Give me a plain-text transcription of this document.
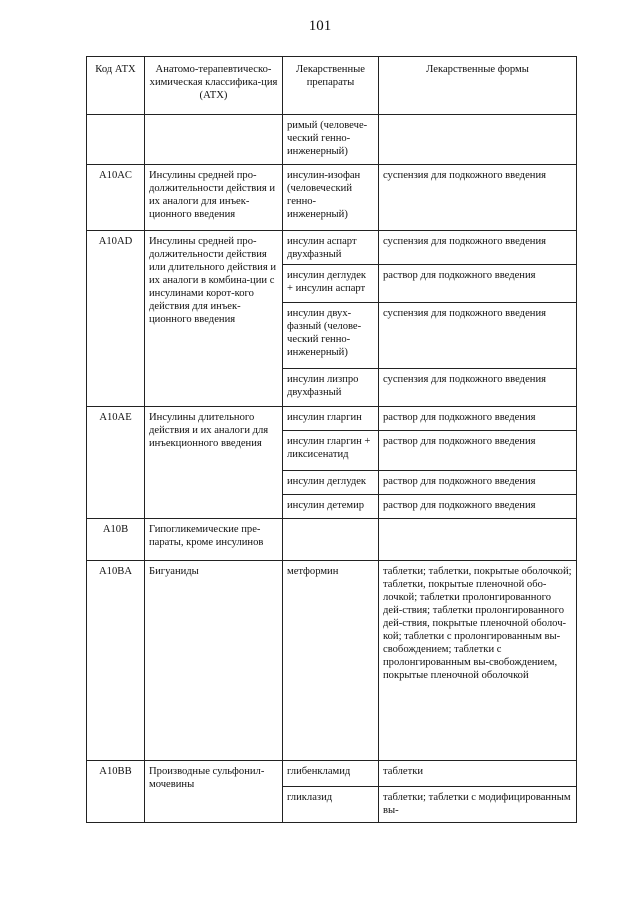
101
Код АТХ	Анатомо-терапевтическо-химическая классифика-ция (АТХ)	Лекарственные препараты	Лекарственные формы
		римый (человече-ческий генно-инженерный)	
A10AC	Инсулины средней про-должительности действия и их аналоги для инъек-ционного введения	инсулин-изофан (человеческий генно-инженерный)	суспензия для подкожного введения
A10AD	Инсулины средней про-должительности действия или длительного действия и их аналоги в комбина-ции с инсулинами корот-кого действия для инъек-ционного введения	инсулин аспарт двухфазный	суспензия для подкожного введения
		инсулин деглудек + инсулин аспарт	раствор для подкожного введения
		инсулин двух-фазный (челове-ческий генно-инженерный)	суспензия для подкожного введения
		инсулин лизпро двухфазный	суспензия для подкожного введения
A10AE	Инсулины длительного действия и их аналоги для инъекционного введения	инсулин гларгин	раствор для подкожного введения
		инсулин гларгин + ликсисенатид	раствор для подкожного введения
		инсулин деглудек	раствор для подкожного введения
		инсулин детемир	раствор для подкожного введения
A10B	Гипогликемические пре-параты, кроме инсулинов		
A10BA	Бигуаниды	метформин	таблетки; таблетки, покрытые оболочкой; таблетки, покрытые пленочной обо-лочкой; таблетки пролонгированного дей-ствия; таблетки пролонгированного дей-ствия, покрытые пленочной оболоч-кой; таблетки с пролонгированным вы-свобождением; таблетки с пролонгированным вы-свобождением, покрытые пленочной оболочкой
A10BB	Производные сульфонил-мочевины	глибенкламид	таблетки
		гликлазид	таблетки; таблетки с модифицированным вы-
